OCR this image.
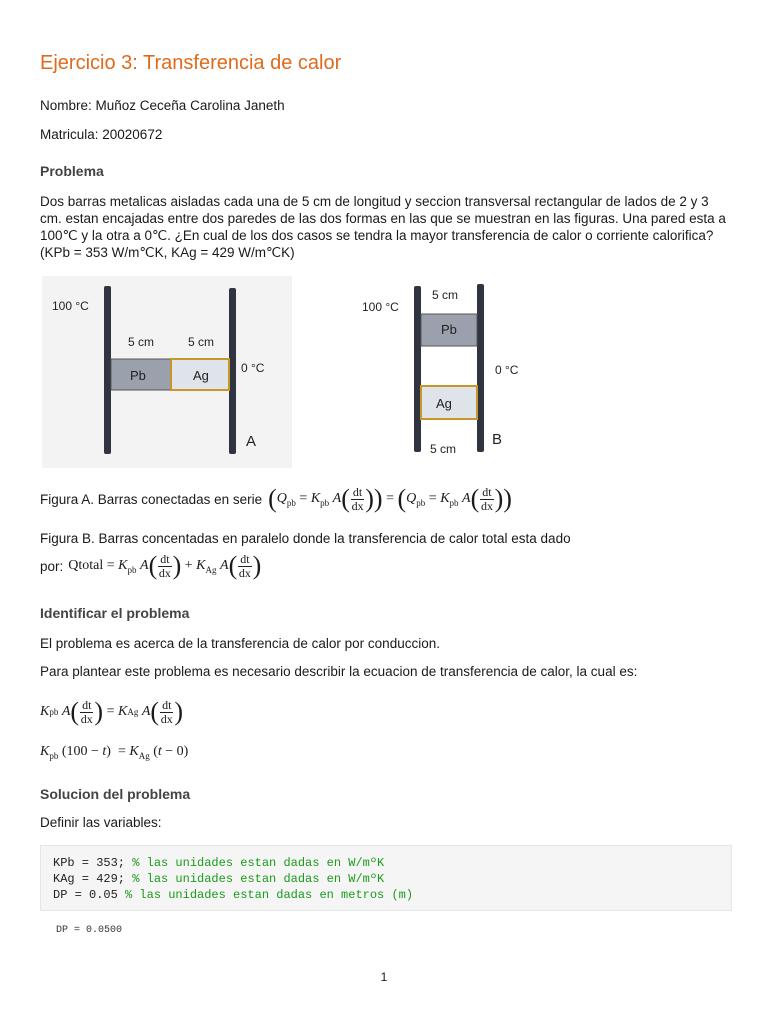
Ejercicio 3: Transferencia de calor
Nombre: Muñoz Ceceña Carolina Janeth
Matricula: 20020672
Problema
Dos barras metalicas aisladas cada una de 5 cm de longitud y seccion transversal rectangular de lados de 2 y 3 cm. estan encajadas entre dos paredes de las dos formas en las que se muestran en las figuras. Una pared esta a 100℃ y la otra a 0℃. ¿En cual de los dos casos se tendra la mayor transferencia de calor o corriente calorifica? (KPb = 353 W/m℃K, KAg = 429 W/m℃K)
100 °C
5 cm	5 cm
Pb	Ag	0 °C
A
100 °C
5 cm
Pb
0 °C
Ag
5 cm
B
Figura A. Barras conectadas en serie ($Q_{pb} = K_{pb}$ $A( \frac{dt}{dx}$ )) = ($Q_{pb} = K_{pb}$ $A( \frac{dt}{dx}$ ))
Figura B. Barras concentadas en paralelo donde la transferencia de calor total esta dado
por: Qtotal = $K_{pb}$ $A( \frac{dt}{dx}$ ) + $K_{Ag}$ $A( \frac{dt}{dx}$ )
Identificar el problema
El problema es acerca de la transferencia de calor por conduccion.
Para plantear este problema es necesario describir la ecuacion de transferencia de calor, la cual es:
K pb
A ( $\frac{dt}{dx}$ ) = K Ag
A ( $\frac{dt}{dx}$ )
$K_{pb}$ $(100 - t) = K_{Ag}$ (t − 0)
Solucion del problema
Definir las variables:
KPb = 353; % las unidades estan dadas en W/mºK
KAg = 429; % las unidades estan dadas en W/mºK
DP = 0.05 % las unidades estan dadas en metros (m)
DP = 0.0500
1
